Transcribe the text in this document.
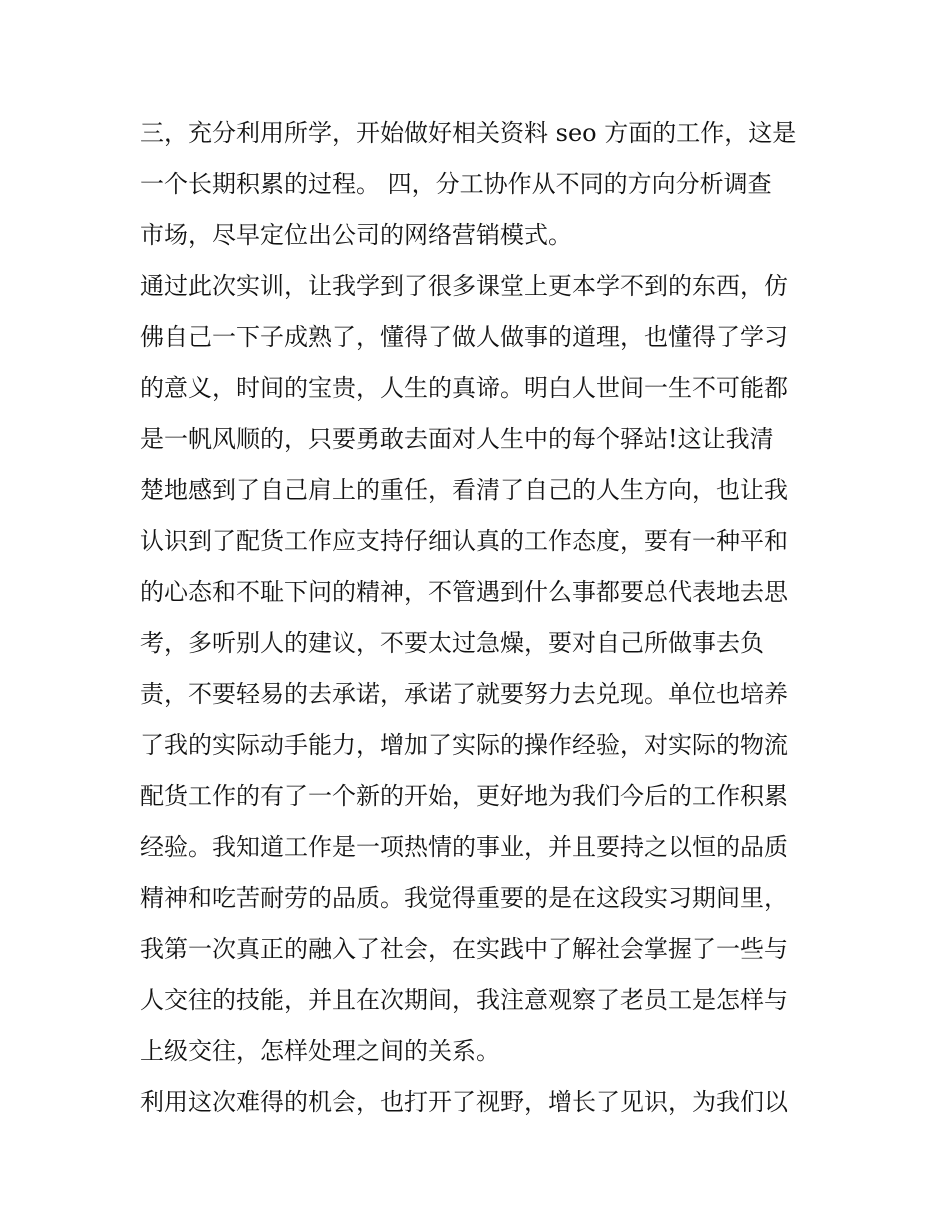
三，充分利用所学，开始做好相关资料 seo 方面的工作，这是
一个长期积累的过程。 四，分工协作从不同的方向分析调查
市场，尽早定位出公司的网络营销模式。
通过此次实训，让我学到了很多课堂上更本学不到的东西，仿
佛自己一下子成熟了，懂得了做人做事的道理，也懂得了学习
的意义，时间的宝贵，人生的真谛。明白人世间一生不可能都
是一帆风顺的，只要勇敢去面对人生中的每个驿站!这让我清
楚地感到了自己肩上的重任，看清了自己的人生方向，也让我
认识到了配货工作应支持仔细认真的工作态度，要有一种平和
的心态和不耻下问的精神，不管遇到什么事都要总代表地去思
考，多听别人的建议，不要太过急燥，要对自己所做事去负
责，不要轻易的去承诺，承诺了就要努力去兑现。单位也培养
了我的实际动手能力，增加了实际的操作经验，对实际的物流
配货工作的有了一个新的开始，更好地为我们今后的工作积累
经验。我知道工作是一项热情的事业，并且要持之以恒的品质
精神和吃苦耐劳的品质。我觉得重要的是在这段实习期间里，
我第一次真正的融入了社会，在实践中了解社会掌握了一些与
人交往的技能，并且在次期间，我注意观察了老员工是怎样与
上级交往，怎样处理之间的关系。
利用这次难得的机会，也打开了视野，增长了见识，为我们以
